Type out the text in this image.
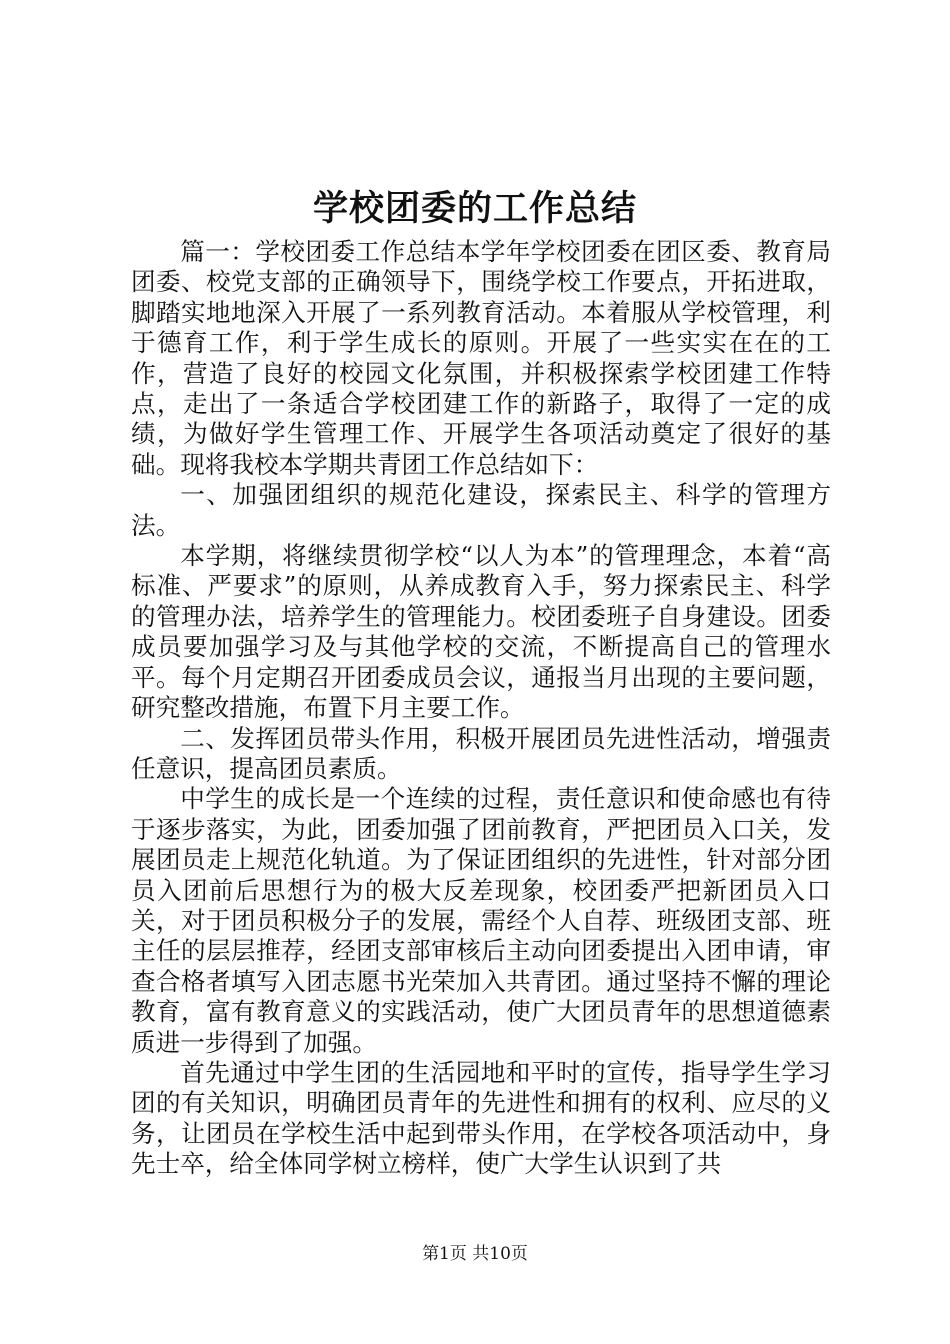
学校团委的工作总结

篇一：学校团委工作总结本学年学校团委在团区委、教育局团委、校党支部的正确领导下，围绕学校工作要点，开拓进取，脚踏实地地深入开展了一系列教育活动。本着服从学校管理，利于德育工作，利于学生成长的原则。开展了一些实实在在的工作，营造了良好的校园文化氛围，并积极探索学校团建工作特点，走出了一条适合学校团建工作的新路子，取得了一定的成绩，为做好学生管理工作、开展学生各项活动奠定了很好的基础。现将我校本学期共青团工作总结如下：

一、加强团组织的规范化建设，探索民主、科学的管理方法。

本学期，将继续贯彻学校“以人为本”的管理理念，本着“高标准、严要求”的原则，从养成教育入手，努力探索民主、科学的管理办法，培养学生的管理能力。校团委班子自身建设。团委成员要加强学习及与其他学校的交流，不断提高自己的管理水平。每个月定期召开团委成员会议，通报当月出现的主要问题，研究整改措施，布置下月主要工作。

二、发挥团员带头作用，积极开展团员先进性活动，增强责任意识，提高团员素质。

中学生的成长是一个连续的过程，责任意识和使命感也有待于逐步落实，为此，团委加强了团前教育，严把团员入口关，发展团员走上规范化轨道。为了保证团组织的先进性，针对部分团员入团前后思想行为的极大反差现象，校团委严把新团员入口关，对于团员积极分子的发展，需经个人自荐、班级团支部、班主任的层层推荐，经团支部审核后主动向团委提出入团申请，审查合格者填写入团志愿书光荣加入共青团。通过坚持不懈的理论教育，富有教育意义的实践活动，使广大团员青年的思想道德素质进一步得到了加强。

首先通过中学生团的生活园地和平时的宣传，指导学生学习团的有关知识，明确团员青年的先进性和拥有的权利、应尽的义务，让团员在学校生活中起到带头作用，在学校各项活动中，身先士卒，给全体同学树立榜样，使广大学生认识到了共

第1页 共10页
